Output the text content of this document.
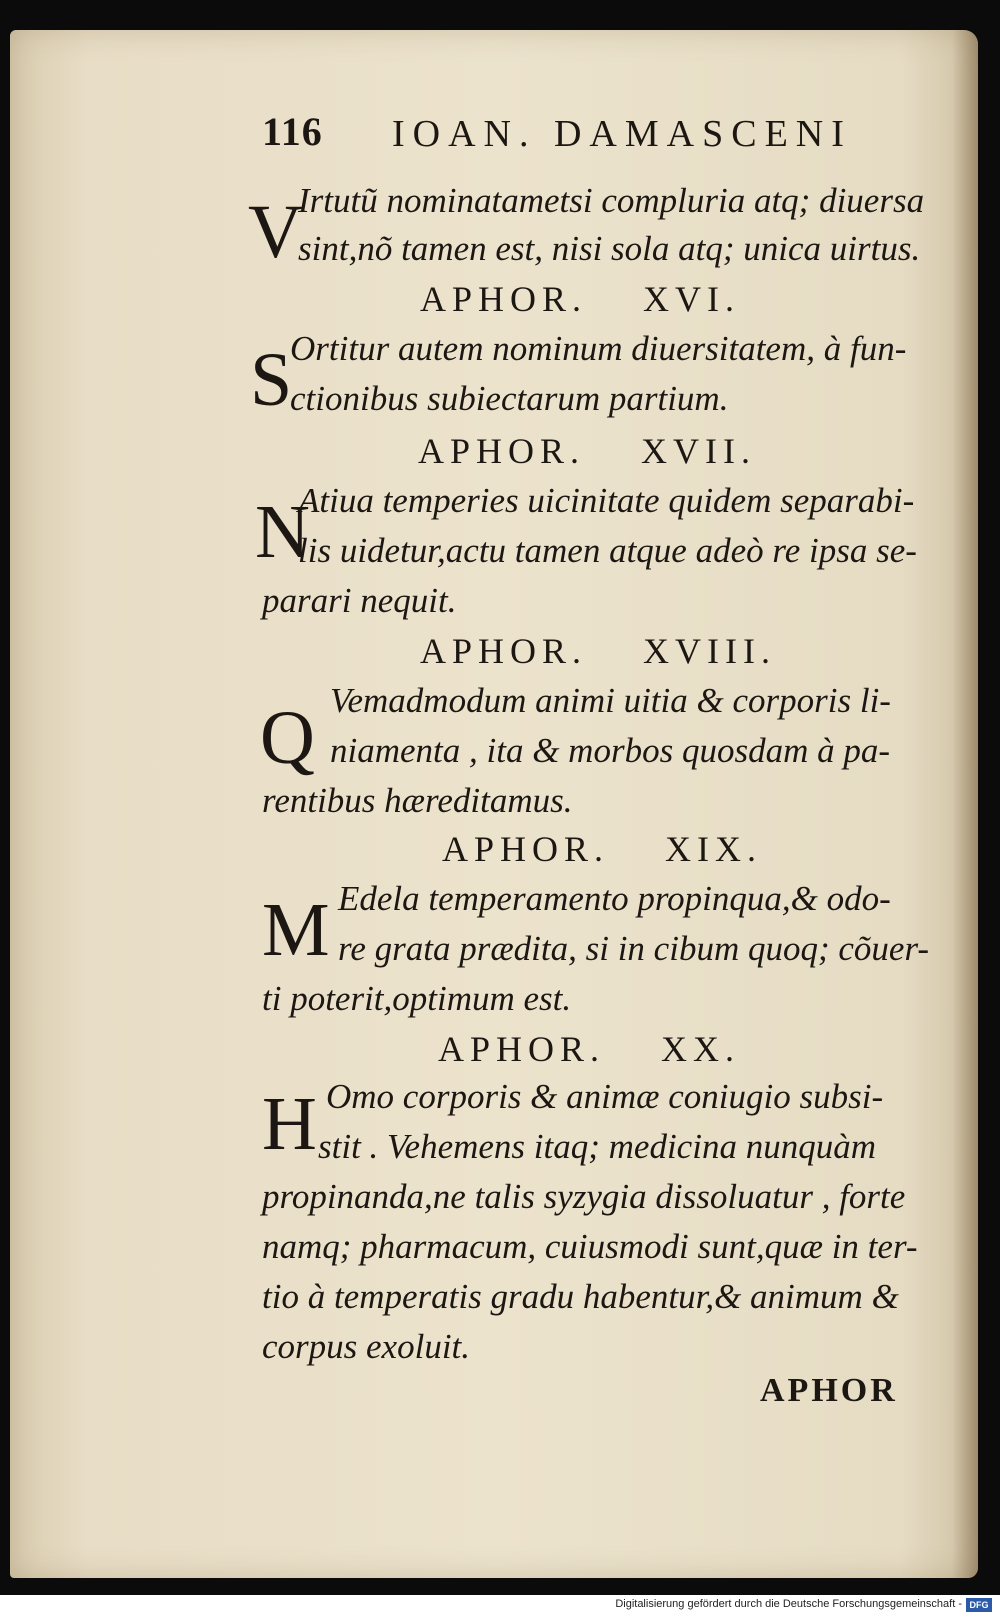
116 IOAN. DAMASCENI
V
Irtutũ nominatametsi compluria atq; diuersa
sint,nõ tamen est, nisi sola atq; unica uirtus.
APHOR. XVI.
S
Ortitur autem nominum diuersitatem, à fun-
ctionibus subiectarum partium.
APHOR. XVII.
N
Atiua temperies uicinitate quidem separabi-
lis uidetur,actu tamen atque adeò re ipsa se-
parari nequit.
APHOR. XVIII.
Q Vemadmodum animi uitia & corporis li-
niamenta , ita & morbos quosdam à pa-
rentibus hæreditamus.
APHOR. XIX.
M Edela temperamento propinqua,& odo-
re grata prædita, si in cibum quoq; cõuer-
ti poterit,optimum est.
APHOR. XX.
H Omo corporis & animæ coniugio subsi-
stit . Vehemens itaq; medicina nunquàm
propinanda,ne talis syzygia dissoluatur , forte
namq; pharmacum, cuiusmodi sunt,quæ in ter-
tio à temperatis gradu habentur,& animum &
corpus exoluit.
APHOR
Digitalisierung gefördert durch die Deutsche Forschungsgemeinschaft - DFG
